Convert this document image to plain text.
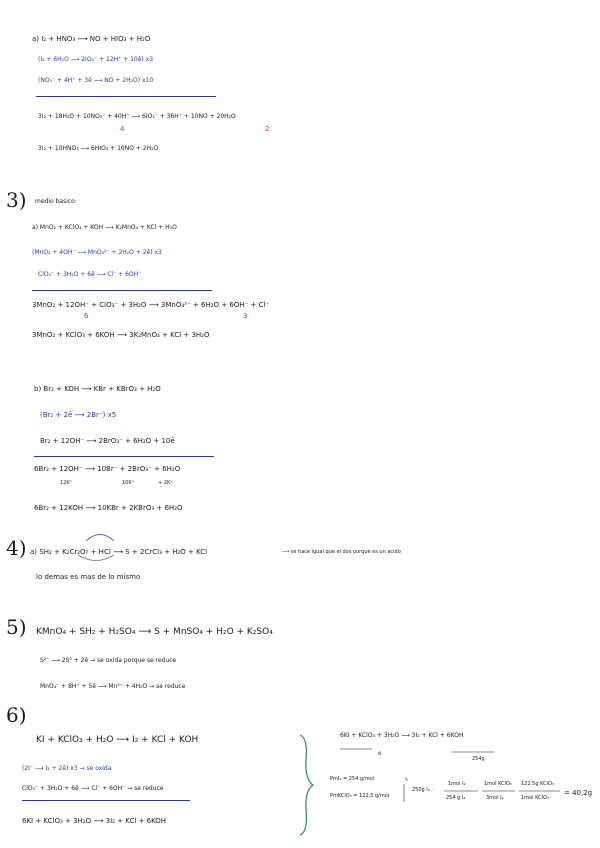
a) I₂ + HNO₃ ⟶ NO + HIO₃ + H₂O
(I₂ + 6H₂O ⟶ 2IO₃⁻ + 12H⁺ + 10ē) x3
(NO₃⁻ + 4H⁺ + 3ē ⟶ NO + 2H₂O) x10
3I₂ + 18H₂O + 10NO₃⁻ + 40H⁺ ⟶ 6IO₃⁻ + 36H⁺ + 10NO + 20H₂O
4	2
3I₂ + 10HNO₃ ⟶ 6HIO₃ + 10NO + 2H₂O
3) medio basico:
a) MnO₂ + KClO₃ + KOH ⟶ K₂MnO₄ + KCl + H₂O
(MnO₂ + 4OH⁻ ⟶ MnO₄²⁻ + 2H₂O + 2ē) x3
ClO₃⁻ + 3H₂O + 6ē ⟶ Cl⁻ + 6OH⁻
3MnO₂ + 12OH⁻ + ClO₃⁻ + 3H₂O ⟶ 3MnO₄²⁻ + 6H₂O + 6OH⁻ + Cl⁻
6	3
3MnO₂ + KClO₃ + 6KOH ⟶ 3K₂MnO₄ + KCl + 3H₂O
b) Br₂ + KOH ⟶ KBr + KBrO₃ + H₂O
(Br₂ + 2ē ⟶ 2Br⁻) x5
Br₂ + 12OH⁻ ⟶ 2BrO₃⁻ + 6H₂O + 10ē
6Br₂ + 12OH⁻ ⟶ 10Br⁻ + 2BrO₃⁻ + 6H₂O
12K⁺	10K⁺	+ 2K⁺
6Br₂ + 12KOH ⟶ 10KBr + 2KBrO₃ + 6H₂O
4) a) SH₂ + K₂Cr₂O₇ + HCl ⟶ S + 2CrCl₃ + H₂O + KCl	⟶ se hace igual que el dos porque es un acido
lo demas es mas de lo mismo
5) KMnO₄ + SH₂ + H₂SO₄ ⟶ S + MnSO₄ + H₂O + K₂SO₄
S²⁻ ⟶ 2S⁰ + 2ē → se oxida porque se reduce
MnO₄⁻ + 8H⁺ + 5ē ⟶ Mn²⁺ + 4H₂O → se reduce
6)
KI + KClO₃ + H₂O ⟶ I₂ + KCl + KOH
(2I⁻ ⟶ I₂ + 2ē) x3 → se oxida
ClO₃⁻ + 3H₂O + 6ē ⟶ Cl⁻ + 6OH⁻ → se reduce
6KI + KClO₃ + 3H₂O ⟶ 3I₂ + KCl + 6KOH
6KI + KClO₃ + 3H₂O ⟶ 3I₂ + KCl + 6KOH
ē
254g
PmI₂ = 254 g/mol
PmKClO₃ = 122,5 g/mol
250g I₂ ·
1mol I₂
254 g I₂
1mol KClO₃
3mol I₂
122,5g KClO₃
1mol KClO₃
= 40,2g
